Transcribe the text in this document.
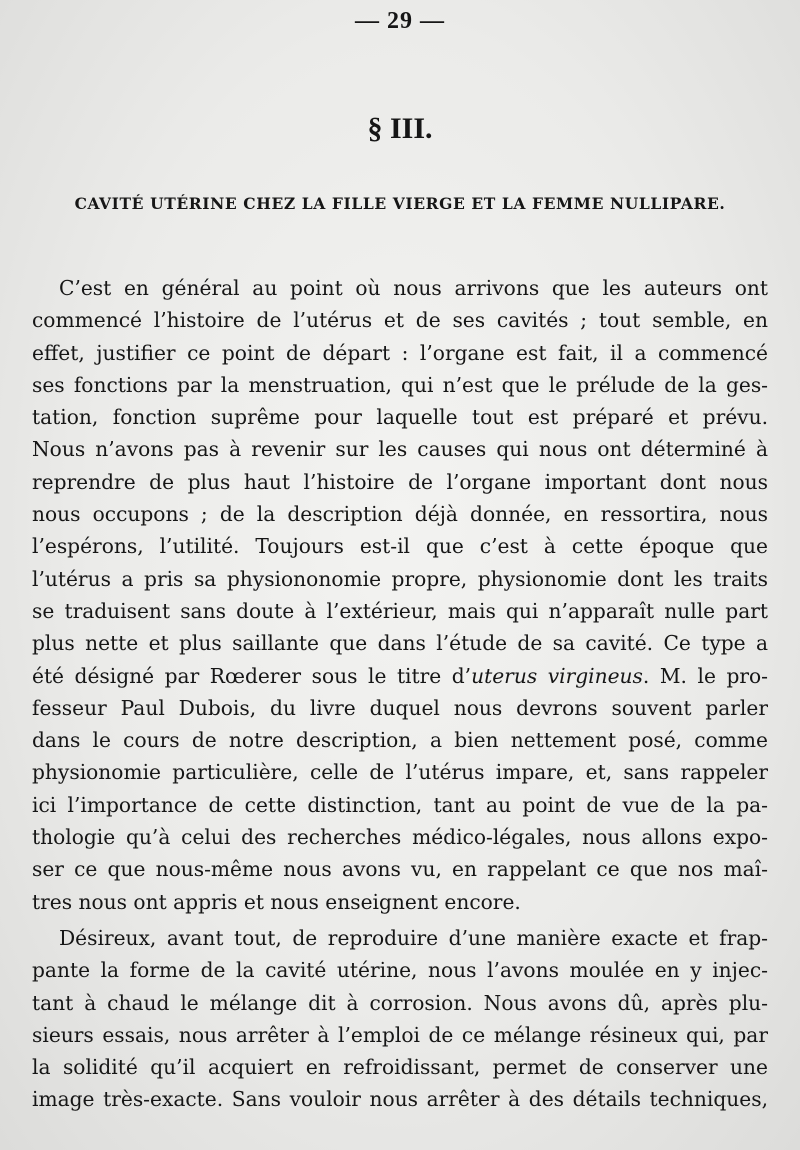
— 29 —
§ III.
CAVITÉ UTÉRINE CHEZ LA FILLE VIERGE ET LA FEMME NULLIPARE.
C’est en général au point où nous arrivons que les auteurs ont
commencé l’histoire de l’utérus et de ses cavités ; tout semble, en
effet, justifier ce point de départ : l’organe est fait, il a commencé
ses fonctions par la menstruation, qui n’est que le prélude de la ges-
tation, fonction suprême pour laquelle tout est préparé et prévu.
Nous n’avons pas à revenir sur les causes qui nous ont déterminé à
reprendre de plus haut l’histoire de l’organe important dont nous
nous occupons ; de la description déjà donnée, en ressortira, nous
l’espérons, l’utilité. Toujours est-il que c’est à cette époque que
l’utérus a pris sa physiononomie propre, physionomie dont les traits
se traduisent sans doute à l’extérieur, mais qui n’apparaît nulle part
plus nette et plus saillante que dans l’étude de sa cavité. Ce type a
été désigné par Rœderer sous le titre d’uterus virgineus. M. le pro-
fesseur Paul Dubois, du livre duquel nous devrons souvent parler
dans le cours de notre description, a bien nettement posé, comme
physionomie particulière, celle de l’utérus impare, et, sans rappeler
ici l’importance de cette distinction, tant au point de vue de la pa-
thologie qu’à celui des recherches médico-légales, nous allons expo-
ser ce que nous-même nous avons vu, en rappelant ce que nos maî-
tres nous ont appris et nous enseignent encore.
Désireux, avant tout, de reproduire d’une manière exacte et frap-
pante la forme de la cavité utérine, nous l’avons moulée en y injec-
tant à chaud le mélange dit à corrosion. Nous avons dû, après plu-
sieurs essais, nous arrêter à l’emploi de ce mélange résineux qui, par
la solidité qu’il acquiert en refroidissant, permet de conserver une
image très-exacte. Sans vouloir nous arrêter à des détails techniques,
